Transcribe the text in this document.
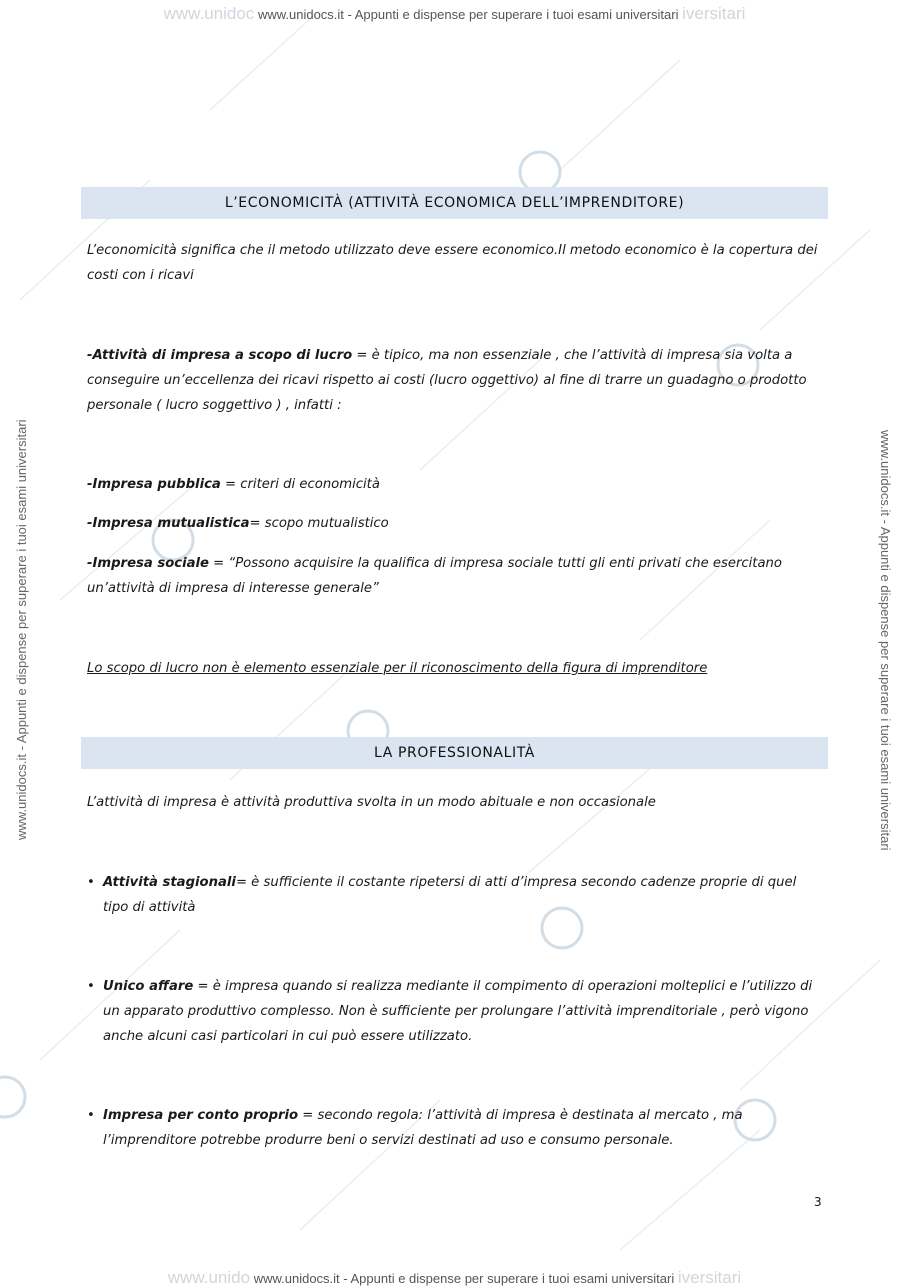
www.unidoc www.unidocs.it - Appunti e dispense per superare i tuoi esami universitari iversitari
www.unido www.unidocs.it - Appunti e dispense per superare i tuoi esami universitari iversitari
www.unidocs.it - Appunti e dispense per superare i tuoi esami universitari	www.unidocs.it - Appunti e dispense per superare i tuoi esami universitari
L’ECONOMICITÀ (ATTIVITÀ ECONOMICA DELL’IMPRENDITORE)
L’economicità significa che il metodo utilizzato deve essere economico.Il metodo economico è la copertura dei costi con i ricavi
-Attività di impresa a scopo di lucro = è tipico, ma non essenziale , che l’attività di impresa sia volta a conseguire un’eccellenza dei ricavi rispetto ai costi (lucro oggettivo) al fine di trarre un guadagno o prodotto personale ( lucro soggettivo ) , infatti :
-Impresa pubblica = criteri di economicità
-Impresa mutualistica= scopo mutualistico
-Impresa sociale = “Possono acquisire la qualifica di impresa sociale tutti gli enti privati che esercitano un’attività di impresa di interesse generale”
Lo scopo di lucro non è elemento essenziale per il riconoscimento della figura di imprenditore
LA PROFESSIONALITÀ
L’attività di impresa è attività produttiva svolta in un modo abituale e non occasionale
• Attività stagionali= è sufficiente il costante ripetersi di atti d’impresa secondo cadenze proprie di quel tipo di attività
• Unico affare = è impresa quando si realizza mediante il compimento di operazioni molteplici e l’utilizzo di un apparato produttivo complesso. Non è sufficiente per prolungare l’attività imprenditoriale , però vigono anche alcuni casi particolari in cui può essere utilizzato.
• Impresa per conto proprio = secondo regola: l’attività di impresa è destinata al mercato , ma l’imprenditore potrebbe produrre beni o servizi destinati ad uso e consumo personale.
3
